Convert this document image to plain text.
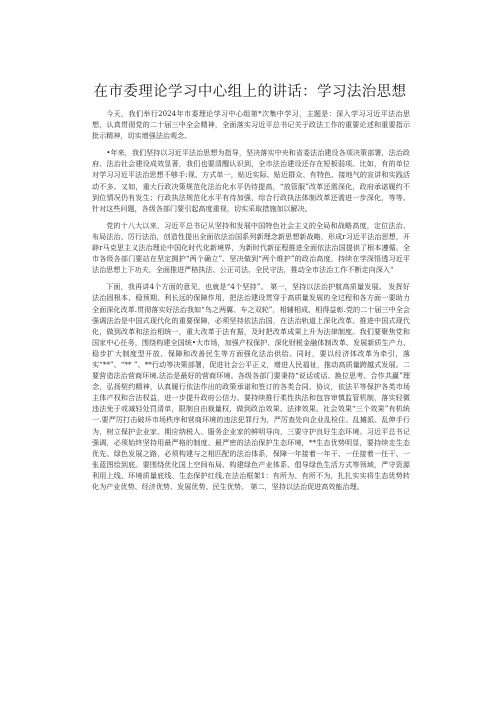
在市委理论学习中心组上的讲话：学习法治思想

今天，我们举行2024年市委理论学习中心组第*次集中学习，主题是：深入学习习近平法治思想，认真贯彻党的二十届三中全会精神，全面落实习近平总书记关于政法工作的重要论述和重要指示批示精神，切实增强法治观念。

•年来，我们坚持以习近平法治思想为指导，坚决落实中央和省委法治建设各项决策部署，法治政府、法治社会建设成效显著，我们也要清醒认识到，全市法治建设还存在短板弱项。比如，有的单位对学习习近平法治思想不够手:视、方式单一，贴近实际、贴近群众、有特色、接地气的宣讲和实践活动不多。又如，重大行政决策规范化法治化水平仍待提高，“放管服”改革还需深化，政府承诺履约不到位情况仍有发生；行政执法规范化水平有待加强，综合行政执法体制改革还需进一步深化，等等。针对这些问题，各级各部门要引起高度重视，切实采取措施加以解决。

党的十八大以来，习近平总书记从坚持和发展中国特色社会主义的全局和战略高度，定位法治、布局法治、厉行法治，创造性提出全面依法治国系列新理念新思想新战略，形成r习近平法治思想，开辟r马克思主义法治理论中国化时代化新境界，为新时代新征程推进全面依法治国提供了根本遵循。全市各级各部门要站在坚定拥护“两个确立”、坚决做到“两个维护”的政治高度，持续在学深悟透习近平法治思想上下功夫，全面推进严格执法、公正司法、全民守法，推动全市法治工作不断走向深入“

下面，我再讲4个方面的意见，也就是“4个坚持”。 第一，坚持以法治护航高质量发展。 发挥好法治固根本、稳预期、利长远的保障作用，把法治建设贯穿于高质量发展的全过程和各方面一要助力全面深化改革.贯彻落实好法治我如“鸟之两翼、车之双轮”，相辅相成、相得益彰.党的二十届三中全会强调法治是中国式现代化的重要保障，必须坚持依法治国，在法治轨道上深化改革、推进中国式现代化，做到改革和法治相统一，重大改革于法有据，及时把改革成果上升为法律制度。我们要聚焦党和国家中心任务，围绕构建全国统•大市场，加强产权保护、深化财税金融体制改革、发展新质生产力、稳步扩大制度型开放、保障和改善民生等方面强化法治供给。同时，要以经济体改革为牵引，落实“**”、“** ”、**行动等决策部署，促进社会公平正义，增进人民福祉，推动高质量跨越式发展。二要营造法治营商环境.法治是最好的营商环境。各级各部门要秉持“说话或话、换位思考、合作共赢”理念，弘扬契约精神，认真履行依法作出的政策承诺和签订的各类合同、协议，依法平等保护各类市场主体产权和合法权益，进一步提升政府公信力。要持续推行柔性执法和包容审慎监管机制，落实轻微违法免于或减轻处罚清单，限制自由裁量权，做到政治效果、法律效果、社会效果“三个效果”有机统一.要严厉打击破坏市场秩序和营商环境的违法犯罪行为，严厉查处向企业乱检住、乱摊派、乱伸手行为，树立保护企业家、期应纳税人、服务企业家的鲜明导向，三要守护良好生态环境。习近平总书记强调，必须始终坚持用最严格的制度、最严密的法治保护生态环境，**生态优势明显，要持续走生态优先、绿色发展之路，必须构建与之相匹配的法治体系，保障一年接着一年干、一任接着一任干、一张蓝图绘到底。要围绕优化国上空间布局、构建绿色产业体系、倡导绿色生活方式等领域，严守资源利用上线、环境质量底线、生态保护红线,在法治框架1：有所为、有所不为，扎扎实实将生态优势转化为产业优势、经济优势、发展优势、民生优势。 第二，坚持以法治促进高效能治理。
